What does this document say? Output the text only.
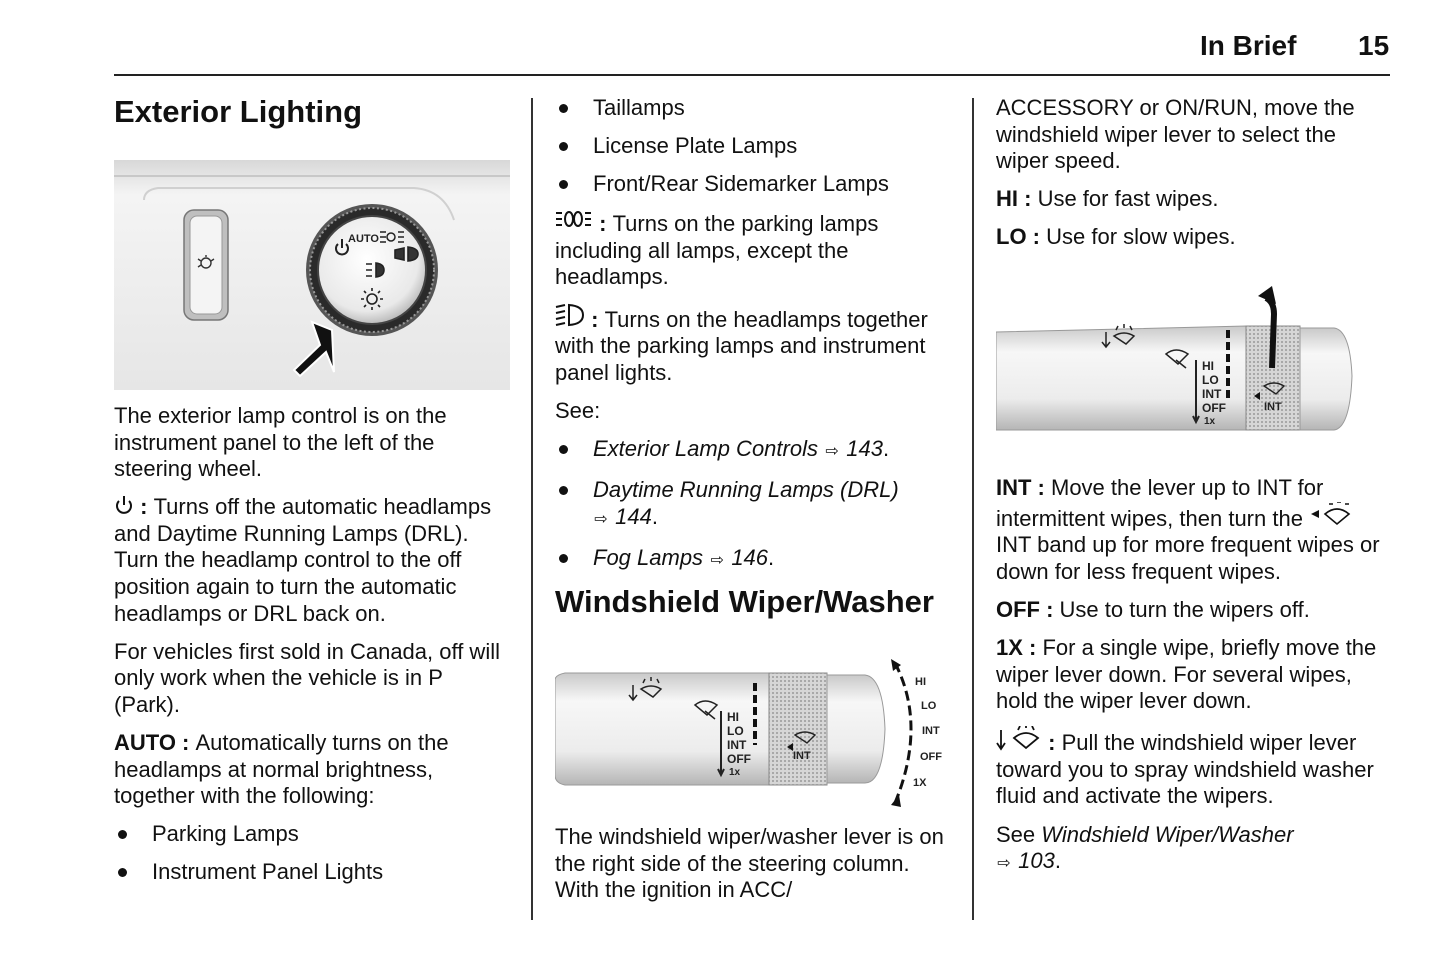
In Brief 15
Exterior Lighting
AUTO

The exterior lamp control is on the instrument panel to the left of the steering wheel.

: Turns off the automatic headlamps and Daytime Running Lamps (DRL). Turn the headlamp control to the off position again to turn the automatic headlamps or DRL back on.

For vehicles first sold in Canada, off will only work when the vehicle is in P (Park).

AUTO : Automatically turns on the headlamps at normal brightness, together with the following:

Parking Lamps
Instrument Panel Lights
Taillamps
License Plate Lamps
Front/Rear Sidemarker Lamps

: Turns on the parking lamps including all lamps, except the headlamps.

: Turns on the headlamps together with the parking lamps and instrument panel lights.

See:

Exterior Lamp Controls ⇨ 143.
Daytime Running Lamps (DRL)
⇨ 144.
Fog Lamps ⇨ 146.
Windshield Wiper/Washer
HI
LO
INT
OFF
1x
INT
HI
LO
INT
OFF
1X

The windshield wiper/washer lever is on the right side of the steering column. With the ignition in ACC/

ACCESSORY or ON/RUN, move the windshield wiper lever to select the wiper speed.

HI : Use for fast wipes.

LO : Use for slow wipes.

HI
LO
INT
OFF
1x
INT

INT : Move the lever up to INT for intermittent wipes, then turn the
INT band up for more frequent wipes or down for less frequent wipes.

OFF : Use to turn the wipers off.

1X : For a single wipe, briefly move the wiper lever down. For several wipes, hold the wiper lever down.

: Pull the windshield wiper lever toward you to spray windshield washer fluid and activate the wipers.

See Windshield Wiper/Washer
⇨ 103.
